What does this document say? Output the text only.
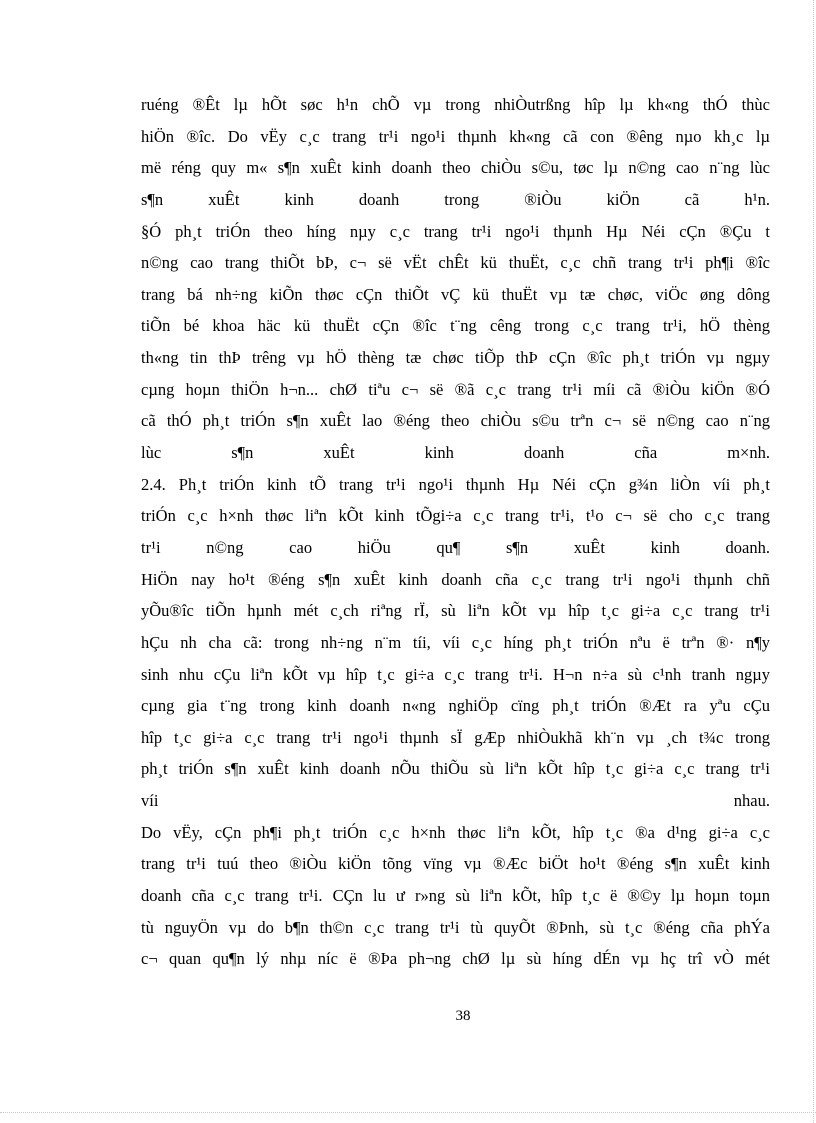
ruéng ®Êt lµ hÕt søc h¹n chÕ vµ trong nhiÒutrßng hîp lµ kh«ng thÓ thùc
hiÖn ®îc. Do vËy c¸c trang tr¹i ngo¹i thµnh kh«ng cã con ®êng nµo kh¸c lµ
më réng quy m« s¶n xuÊt kinh doanh theo chiÒu s©u, tøc lµ n©ng cao n¨ng lùc
s¶n xuÊt kinh doanh trong ®iÒu kiÖn cã h¹n.
§Ó ph¸t triÓn theo híng nµy c¸c trang tr¹i ngo¹i thµnh Hµ Néi cÇn ®Çu t
n©ng cao trang thiÕt bÞ, c¬ së vËt chÊt kü thuËt, c¸c chñ trang tr¹i ph¶i ®îc
trang bá nh÷ng kiÕn thøc cÇn thiÕt vÇ kü thuËt vµ tæ chøc, viÖc øng dông
tiÕn bé khoa häc kü thuËt cÇn ®îc t¨ng cêng trong c¸c trang tr¹i, hÖ thèng
th«ng tin thÞ trêng vµ hÖ thèng tæ chøc tiÕp thÞ cÇn ®îc ph¸t triÓn vµ ngµy
cµng hoµn thiÖn h¬n... chØ tiªu c¬ së ®ã c¸c trang tr¹i míi cã ®iÒu kiÖn ®Ó
cã thÓ ph¸t triÓn s¶n xuÊt lao ®éng theo chiÒu s©u trªn c¬ së n©ng cao n¨ng
lùc s¶n xuÊt kinh doanh cña m×nh.
2.4. Ph¸t triÓn kinh tÕ trang tr¹i ngo¹i thµnh Hµ Néi cÇn g¾n liÒn víi ph¸t
triÓn c¸c h×nh thøc liªn kÕt kinh tÕgi÷a c¸c trang tr¹i, t¹o c¬ së cho c¸c trang
tr¹i n©ng cao hiÖu qu¶ s¶n xuÊt kinh doanh.
HiÖn nay ho¹t ®éng s¶n xuÊt kinh doanh cña c¸c trang tr¹i ngo¹i thµnh chñ
yÕu®îc tiÕn hµnh mét c¸ch riªng rÏ, sù liªn kÕt vµ hîp t¸c gi÷a c¸c trang tr¹i
hÇu nh cha cã: trong nh÷ng n¨m tíi, víi c¸c híng ph¸t triÓn nªu ë trªn ®· n¶y
sinh nhu cÇu liªn kÕt vµ hîp t¸c gi÷a c¸c trang tr¹i. H¬n n÷a sù c¹nh tranh ngµy
cµng gia t¨ng trong kinh doanh n«ng nghiÖp cïng ph¸t triÓn ®Æt ra yªu cÇu
hîp t¸c gi÷a c¸c trang tr¹i ngo¹i thµnh sÏ gÆp nhiÒukhã kh¨n vµ ¸ch t¾c trong
ph¸t triÓn s¶n xuÊt kinh doanh nÕu thiÕu sù liªn kÕt hîp t¸c gi÷a c¸c trang tr¹i
víi nhau.
Do vËy, cÇn ph¶i ph¸t triÓn c¸c h×nh thøc liªn kÕt, hîp t¸c ®a d¹ng gi÷a c¸c
trang tr¹i tuú theo ®iÒu kiÖn tõng vïng vµ ®Æc biÖt ho¹t ®éng s¶n xuÊt kinh
doanh cña c¸c trang tr¹i. CÇn lu ư r»ng sù liªn kÕt, hîp t¸c ë ®©y lµ hoµn toµn
tù nguyÖn vµ do b¶n th©n c¸c trang tr¹i tù quyÕt ®Þnh, sù t¸c ®éng cña phÝa
c¬ quan qu¶n lý nhµ níc ë ®Þa ph¬ng chØ lµ sù híng dÉn vµ hç trî vÒ mét
38
